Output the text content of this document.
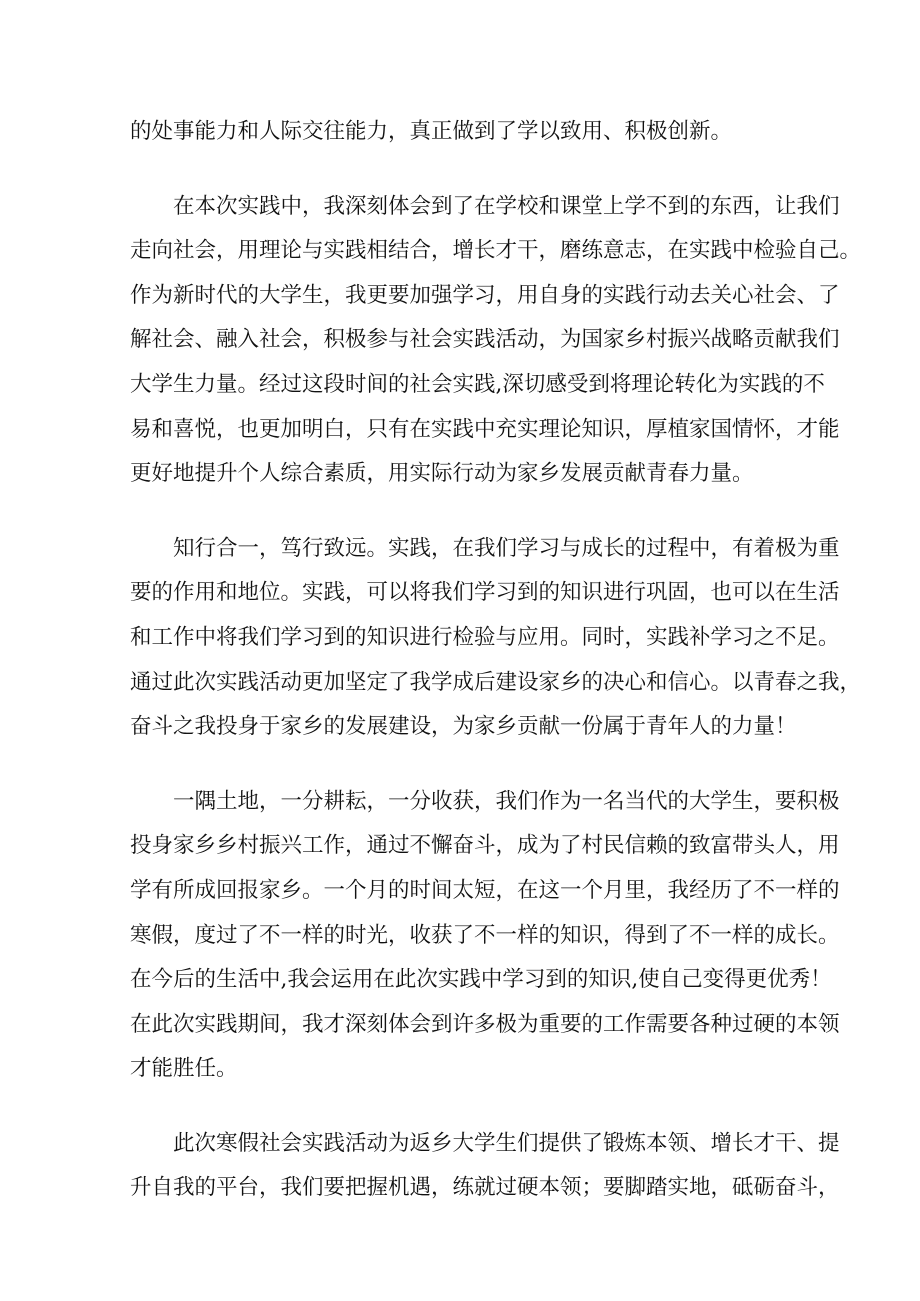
的处事能力和人际交往能力，真正做到了学以致用、积极创新。
在本次实践中，我深刻体会到了在学校和课堂上学不到的东西，让我们
走向社会，用理论与实践相结合，增长才干，磨练意志，在实践中检验自己。
作为新时代的大学生，我更要加强学习，用自身的实践行动去关心社会、了
解社会、融入社会，积极参与社会实践活动，为国家乡村振兴战略贡献我们
大学生力量。经过这段时间的社会实践,深切感受到将理论转化为实践的不
易和喜悦，也更加明白，只有在实践中充实理论知识，厚植家国情怀，才能
更好地提升个人综合素质，用实际行动为家乡发展贡献青春力量。
知行合一，笃行致远。实践，在我们学习与成长的过程中，有着极为重
要的作用和地位。实践，可以将我们学习到的知识进行巩固，也可以在生活
和工作中将我们学习到的知识进行检验与应用。同时，实践补学习之不足。
通过此次实践活动更加坚定了我学成后建设家乡的决心和信心。以青春之我，
奋斗之我投身于家乡的发展建设，为家乡贡献一份属于青年人的力量！
一隅土地，一分耕耘，一分收获，我们作为一名当代的大学生，要积极
投身家乡乡村振兴工作，通过不懈奋斗，成为了村民信赖的致富带头人，用
学有所成回报家乡。一个月的时间太短，在这一个月里，我经历了不一样的
寒假，度过了不一样的时光，收获了不一样的知识，得到了不一样的成长。
在今后的生活中,我会运用在此次实践中学习到的知识,使自己变得更优秀！
在此次实践期间，我才深刻体会到许多极为重要的工作需要各种过硬的本领
才能胜任。
此次寒假社会实践活动为返乡大学生们提供了锻炼本领、增长才干、提
升自我的平台，我们要把握机遇，练就过硬本领；要脚踏实地，砥砺奋斗，
